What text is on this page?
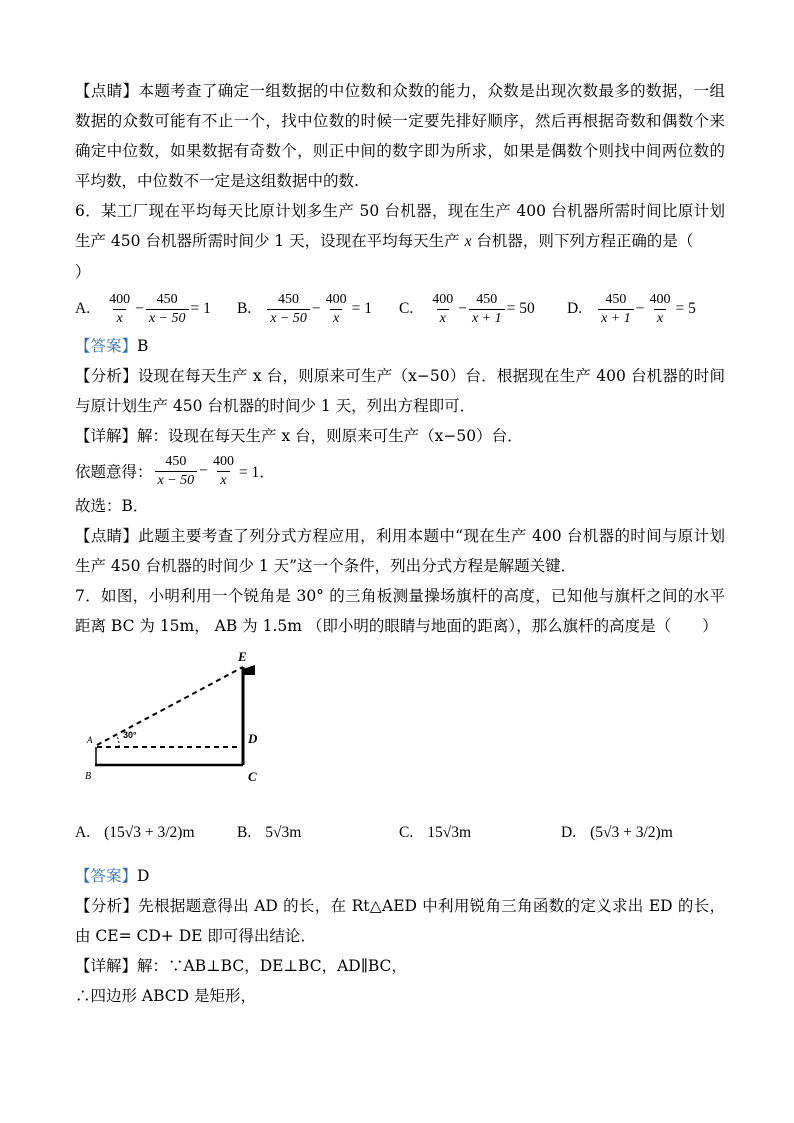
【点睛】本题考查了确定一组数据的中位数和众数的能力，众数是出现次数最多的数据，一组数据的众数可能有不止一个，找中位数的时候一定要先排好顺序，然后再根据奇数和偶数个来确定中位数，如果数据有奇数个，则正中间的数字即为所求，如果是偶数个则找中间两位数的平均数，中位数不一定是这组数据中的数.

6．某工厂现在平均每天比原计划多生产 50 台机器，现在生产 400 台机器所需时间比原计划生产 450 台机器所需时间少 1 天，设现在平均每天生产 x 台机器，则下列方程正确的是（
）

A. $\frac{400}{x} - \frac{450}{x - 50} = 1$ B. $\frac{450}{x - 50} - \frac{400}{x} = 1$ C. $\frac{400}{x} - \frac{450}{x + 1} = 50$ D. $\frac{450}{x + 1} - \frac{400}{x} = 5$

【答案】B

【分析】设现在每天生产 x 台，则原来可生产（x−50）台．根据现在生产 400 台机器的时间与原计划生产 450 台机器的时间少 1 天，列出方程即可．

【详解】解：设现在每天生产 x 台，则原来可生产（x−50）台．

依题意得： $\frac{450}{x - 50} - \frac{400}{x} = 1$．

故选：B．

【点睛】此题主要考查了列分式方程应用，利用本题中“现在生产 400 台机器的时间与原计划生产 450 台机器的时间少 1 天”这一个条件，列出分式方程是解题关键．

7．如图，小明利用一个锐角是 30° 的三角板测量操场旗杆的高度，已知他与旗杆之间的水平距离 BC 为 15m， AB 为 1.5m （即小明的眼睛与地面的距离），那么旗杆的高度是（　　）

30°
E
D
C
A
B
A. (15√3 + 3/2)m	B. 5√3m	C. 15√3m	D. (5√3 + 3/2)m

【答案】D

【分析】先根据题意得出 AD 的长，在 Rt△AED 中利用锐角三角函数的定义求出 ED 的长，由 CE= CD+ DE 即可得出结论．

【详解】解：∵AB⊥BC，DE⊥BC，AD∥BC，

∴四边形 ABCD 是矩形，
